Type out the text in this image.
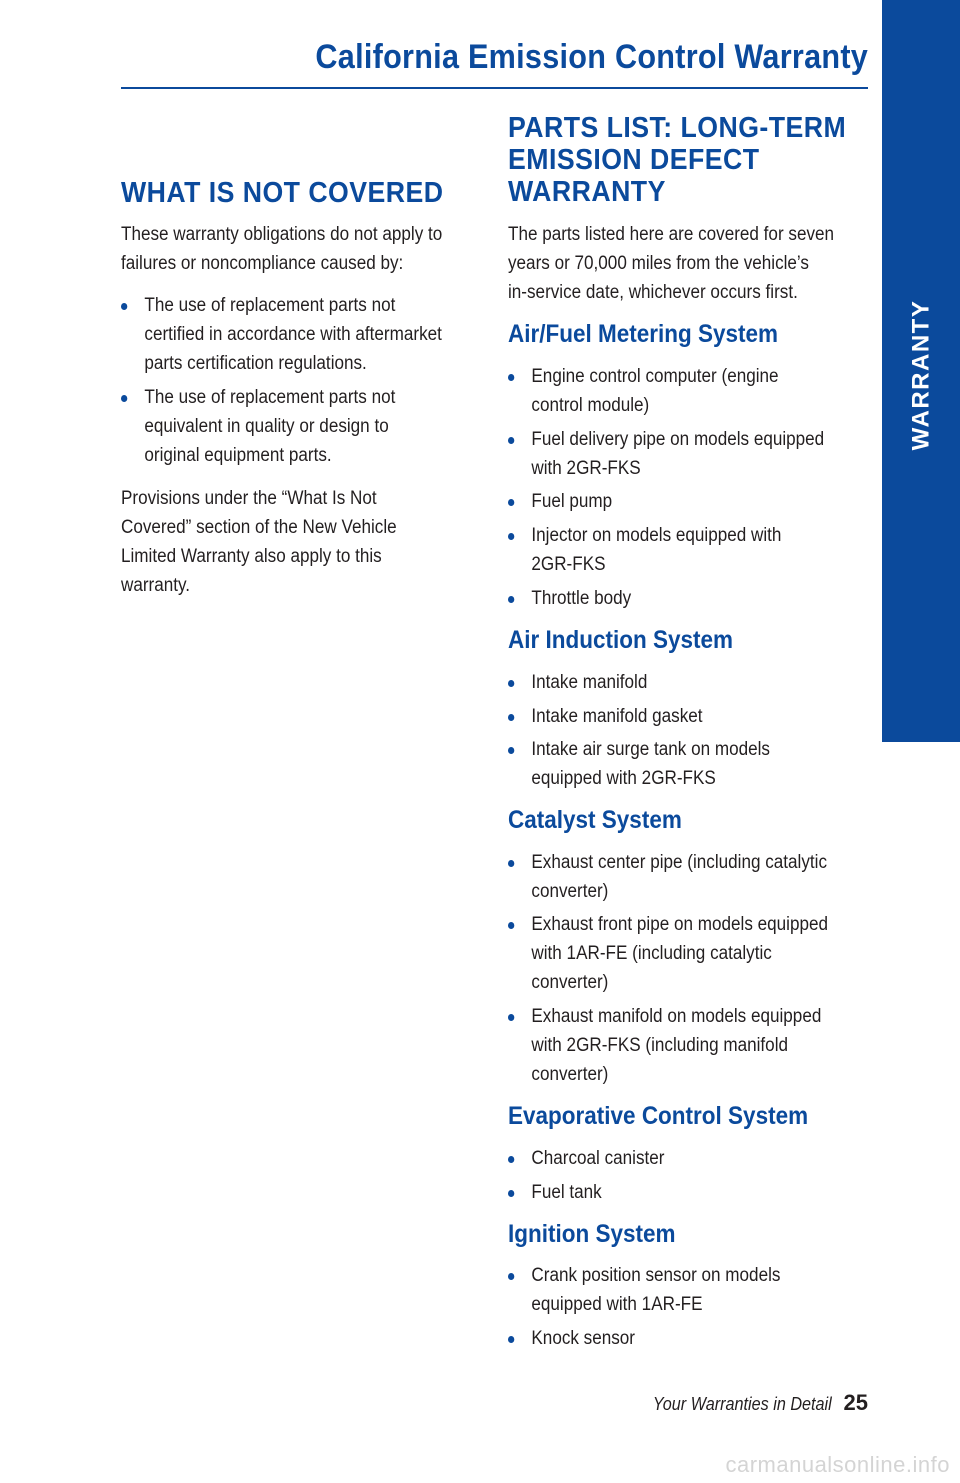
California Emission Control Warranty
WARRANTY
WHAT IS NOT COVERED
These warranty obligations do not apply to
failures or noncompliance caused by:
The use of replacement parts not
certified in accordance with aftermarket
parts certification regulations.
The use of replacement parts not
equivalent in quality or design to
original equipment parts.
Provisions under the “What Is Not
Covered” section of the New Vehicle
Limited Warranty also apply to this
warranty.
PARTS LIST: LONG-TERM
EMISSION DEFECT
WARRANTY
The parts listed here are covered for seven
years or 70,000 miles from the vehicle’s
in-service date, whichever occurs first.
Air/Fuel Metering System
Engine control computer (engine
control module)
Fuel delivery pipe on models equipped
with 2GR-FKS
Fuel pump
Injector on models equipped with
2GR-FKS
Throttle body
Air Induction System
Intake manifold
Intake manifold gasket
Intake air surge tank on models
equipped with 2GR-FKS
Catalyst System
Exhaust center pipe (including catalytic
converter)
Exhaust front pipe on models equipped
with 1AR-FE (including catalytic
converter)
Exhaust manifold on models equipped
with 2GR-FKS (including manifold
converter)
Evaporative Control System
Charcoal canister
Fuel tank
Ignition System
Crank position sensor on models
equipped with 1AR-FE
Knock sensor
Your Warranties in Detail 25
carmanualsonline.info
